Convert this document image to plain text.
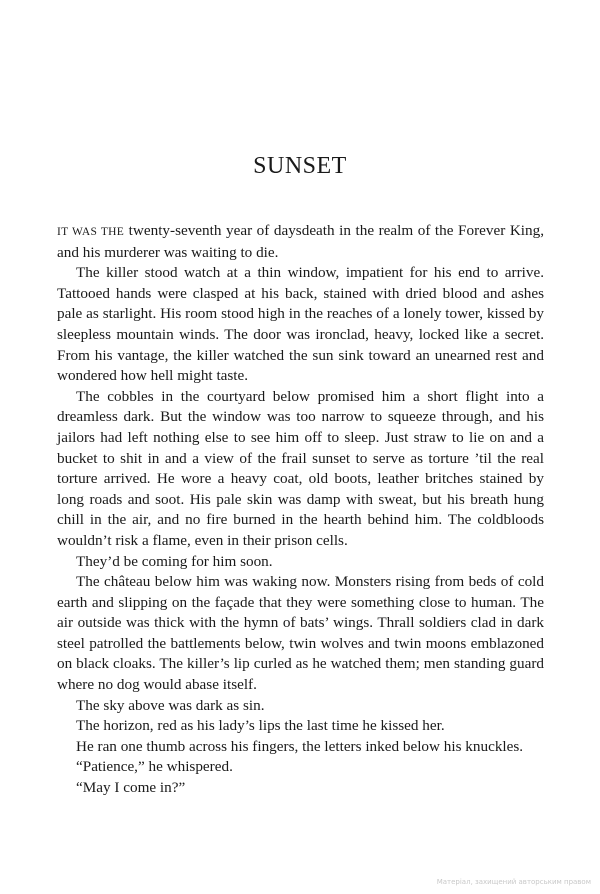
SUNSET

IT WAS THE twenty-seventh year of daysdeath in the realm of the Forever King, and his murderer was waiting to die.

The killer stood watch at a thin window, impatient for his end to arrive. Tattooed hands were clasped at his back, stained with dried blood and ashes pale as starlight. His room stood high in the reaches of a lonely tower, kissed by sleepless mountain winds. The door was ironclad, heavy, locked like a secret. From his vantage, the killer watched the sun sink toward an unearned rest and wondered how hell might taste.

The cobbles in the courtyard below promised him a short flight into a dreamless dark. But the window was too narrow to squeeze through, and his jailors had left nothing else to see him off to sleep. Just straw to lie on and a bucket to shit in and a view of the frail sunset to serve as torture ’til the real torture arrived. He wore a heavy coat, old boots, leather britches stained by long roads and soot. His pale skin was damp with sweat, but his breath hung chill in the air, and no fire burned in the hearth behind him. The coldbloods wouldn’t risk a flame, even in their prison cells.

They’d be coming for him soon.

The château below him was waking now. Monsters rising from beds of cold earth and slipping on the façade that they were something close to human. The air outside was thick with the hymn of bats’ wings. Thrall soldiers clad in dark steel patrolled the battlements below, twin wolves and twin moons emblazoned on black cloaks. The killer’s lip curled as he watched them; men standing guard where no dog would abase itself.

The sky above was dark as sin.

The horizon, red as his lady’s lips the last time he kissed her.

He ran one thumb across his fingers, the letters inked below his knuckles.

“Patience,” he whispered.

“May I come in?”

Матеріал, захищений авторським правом
